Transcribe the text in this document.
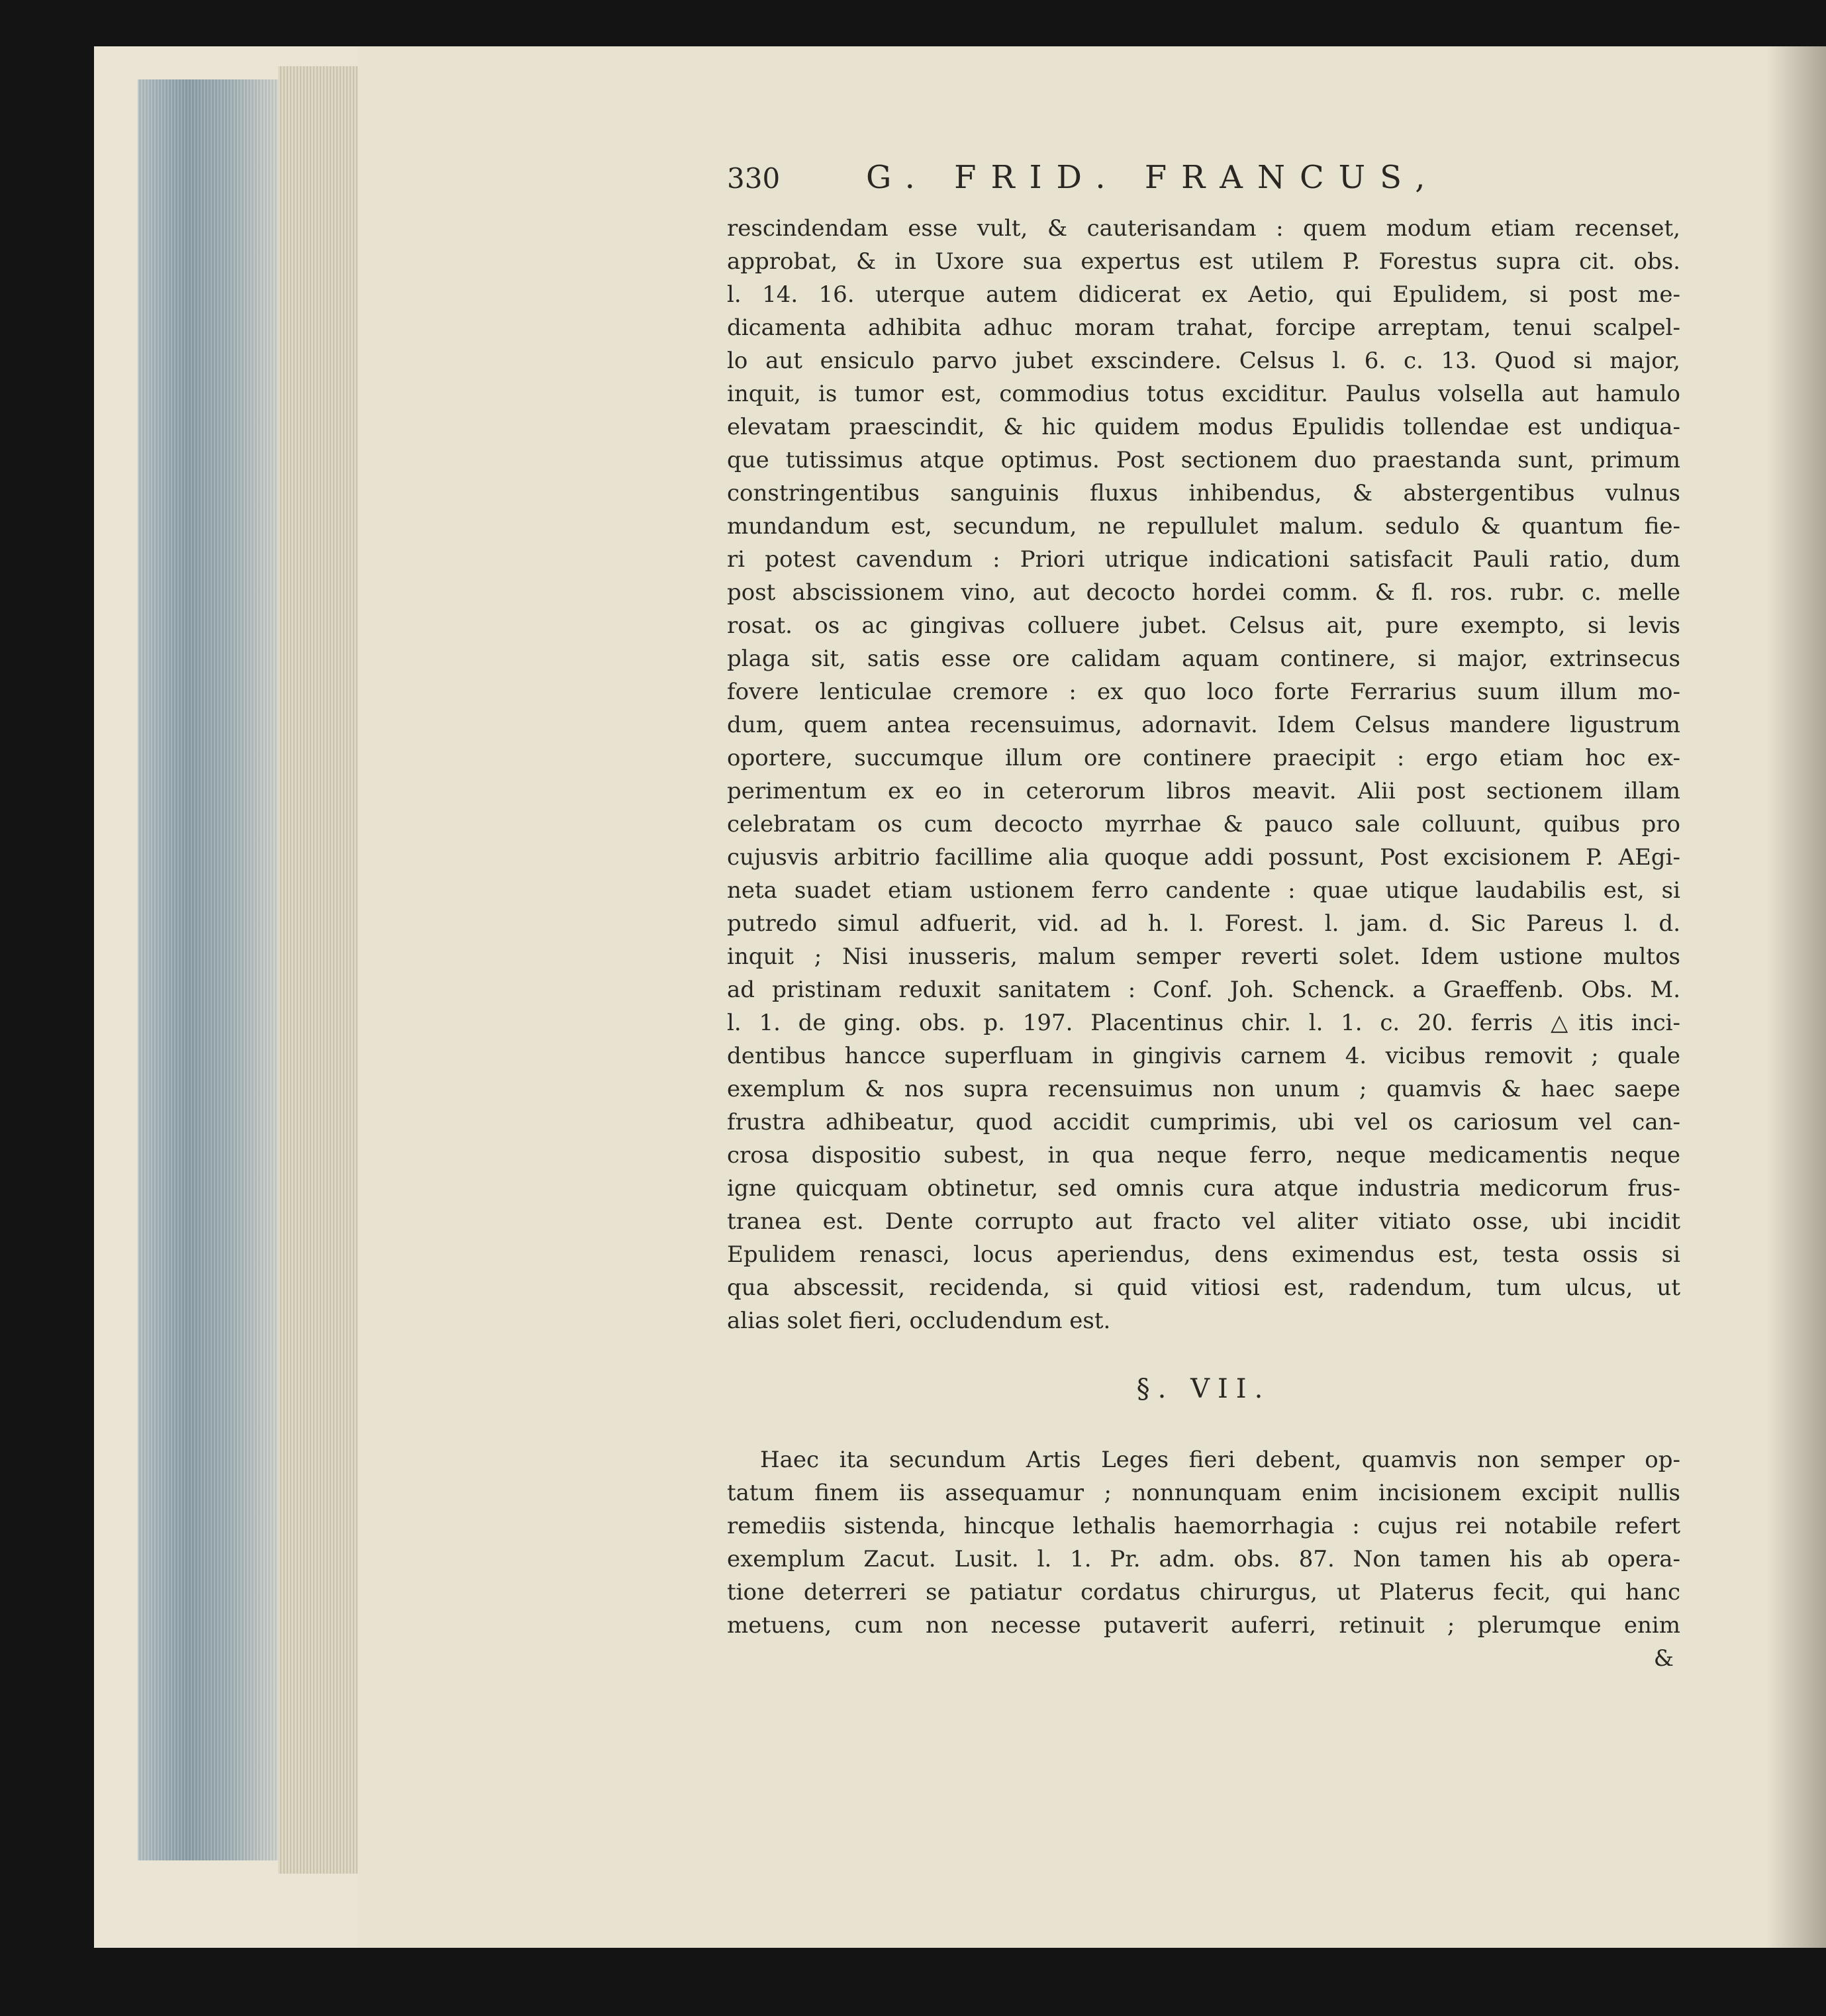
330	G. FRID. FRANCUS,
rescindendam esse vult, & cauterisandam : quem modum etiam recenset,
approbat, & in Uxore sua expertus est utilem P. Forestus supra cit. obs.
l. 14. 16. uterque autem didicerat ex Aetio, qui Epulidem, si post me-
dicamenta adhibita adhuc moram trahat, forcipe arreptam, tenui scalpel-
lo aut ensiculo parvo jubet exscindere. Celsus l. 6. c. 13. Quod si major,
inquit, is tumor est, commodius totus exciditur. Paulus volsella aut hamulo
elevatam praescindit, & hic quidem modus Epulidis tollendae est undiqua-
que tutissimus atque optimus. Post sectionem duo praestanda sunt, primum
constringentibus sanguinis fluxus inhibendus, & abstergentibus vulnus
mundandum est, secundum, ne repullulet malum. sedulo & quantum fie-
ri potest cavendum : Priori utrique indicationi satisfacit Pauli ratio, dum
post abscissionem vino, aut decocto hordei comm. & fl. ros. rubr. c. melle
rosat. os ac gingivas colluere jubet. Celsus ait, pure exempto, si levis
plaga sit, satis esse ore calidam aquam continere, si major, extrinsecus
fovere lenticulae cremore : ex quo loco forte Ferrarius suum illum mo-
dum, quem antea recensuimus, adornavit. Idem Celsus mandere ligustrum
oportere, succumque illum ore continere praecipit : ergo etiam hoc ex-
perimentum ex eo in ceterorum libros meavit. Alii post sectionem illam
celebratam os cum decocto myrrhae & pauco sale colluunt, quibus pro
cujusvis arbitrio facillime alia quoque addi possunt, Post excisionem P. AEgi-
neta suadet etiam ustionem ferro candente : quae utique laudabilis est, si
putredo simul adfuerit, vid. ad h. l. Forest. l. jam. d. Sic Pareus l. d.
inquit ; Nisi inusseris, malum semper reverti solet. Idem ustione multos
ad pristinam reduxit sanitatem : Conf. Joh. Schenck. a Graeffenb. Obs. M.
l. 1. de ging. obs. p. 197. Placentinus chir. l. 1. c. 20. ferris △itis inci-
dentibus hancce superfluam in gingivis carnem 4. vicibus removit ; quale
exemplum & nos supra recensuimus non unum ; quamvis & haec saepe
frustra adhibeatur, quod accidit cumprimis, ubi vel os cariosum vel can-
crosa dispositio subest, in qua neque ferro, neque medicamentis neque
igne quicquam obtinetur, sed omnis cura atque industria medicorum frus-
tranea est. Dente corrupto aut fracto vel aliter vitiato osse, ubi incidit
Epulidem renasci, locus aperiendus, dens eximendus est, testa ossis si
qua abscessit, recidenda, si quid vitiosi est, radendum, tum ulcus, ut
alias solet fieri, occludendum est.
§. VII.
Haec ita secundum Artis Leges fieri debent, quamvis non semper op-
tatum finem iis assequamur ; nonnunquam enim incisionem excipit nullis
remediis sistenda, hincque lethalis haemorrhagia : cujus rei notabile refert
exemplum Zacut. Lusit. l. 1. Pr. adm. obs. 87. Non tamen his ab opera-
tione deterreri se patiatur cordatus chirurgus, ut Platerus fecit, qui hanc
metuens, cum non necesse putaverit auferri, retinuit ; plerumque enim
&
